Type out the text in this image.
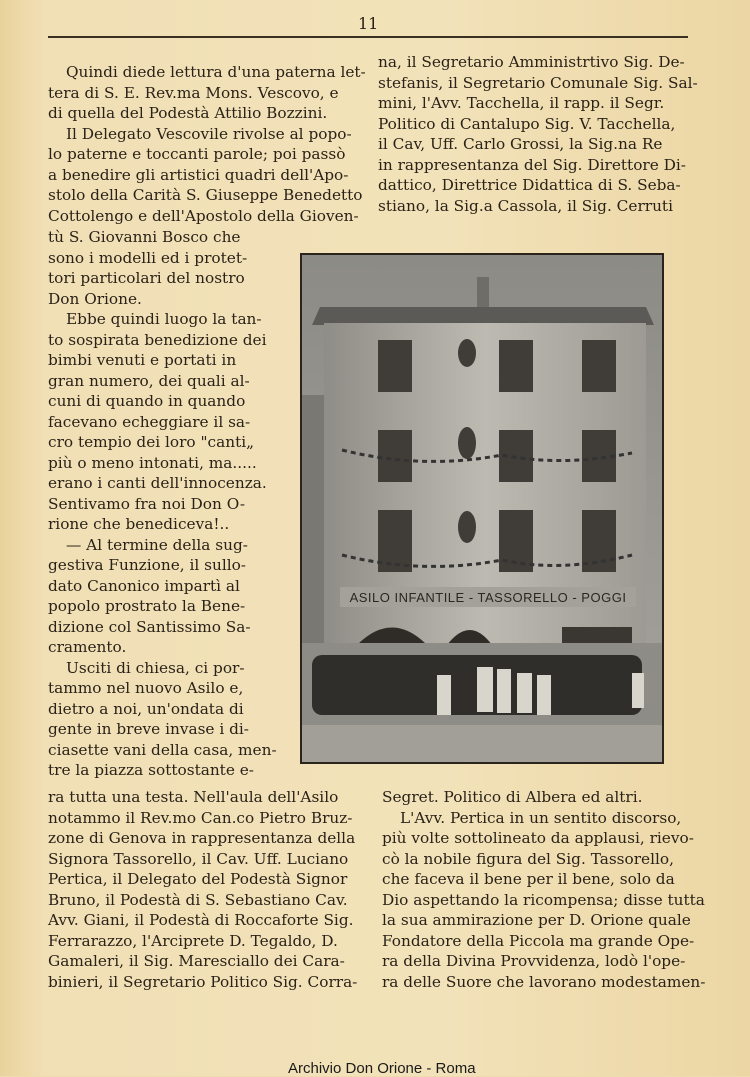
11
Quindi diede lettura d'una paterna let-
tera di S. E. Rev.ma Mons. Vescovo, e
di quella del Podestà Attilio Bozzini.
Il Delegato Vescovile rivolse al popo-
lo paterne e toccanti parole; poi passò
a benedire gli artistici quadri dell'Apo-
stolo della Carità S. Giuseppe Benedetto
Cottolengo e dell'Apostolo della Gioven-
na, il Segretario Amministrtivo Sig. De-
stefanis, il Segretario Comunale Sig. Sal-
mini, l'Avv. Tacchella, il rapp. il Segr.
Politico di Cantalupo Sig. V. Tacchella,
il Cav, Uff. Carlo Grossi, la Sig.na Re
in rappresentanza del Sig. Direttore Di-
dattico, Direttrice Didattica di S. Seba-
stiano, la Sig.a Cassola, il Sig. Cerruti
tù S. Giovanni Bosco che
sono i modelli ed i protet-
tori particolari del nostro
Don Orione.
Ebbe quindi luogo la tan-
to sospirata benedizione dei
bimbi venuti e portati in
gran numero, dei quali al-
cuni di quando in quando
facevano echeggiare il sa-
cro tempio dei loro "canti„
più o meno intonati, ma.....
erano i canti dell'innocenza.
Sentivamo fra noi Don O-
rione che benediceva!..
— Al termine della sug-
gestiva Funzione, il sullo-
dato Canonico impartì al
popolo prostrato la Bene-
dizione col Santissimo Sa-
cramento.
Usciti di chiesa, ci por-
tammo nel nuovo Asilo e,
dietro a noi, un'ondata di
gente in breve invase i di-
ciasette vani della casa, men-
tre la piazza sottostante e-
ASILO INFANTILE - TASSORELLO - POGGI
ra tutta una testa. Nell'aula dell'Asilo
notammo il Rev.mo Can.co Pietro Bruz-
zone di Genova in rappresentanza della
Signora Tassorello, il Cav. Uff. Luciano
Pertica, il Delegato del Podestà Signor
Bruno, il Podestà di S. Sebastiano Cav.
Avv. Giani, il Podestà di Roccaforte Sig.
Ferrarazzo, l'Arciprete D. Tegaldo, D.
Gamaleri, il Sig. Maresciallo dei Cara-
binieri, il Segretario Politico Sig. Corra-
Segret. Politico di Albera ed altri.
L'Avv. Pertica in un sentito discorso,
più volte sottolineato da applausi, rievo-
cò la nobile figura del Sig. Tassorello,
che faceva il bene per il bene, solo da
Dio aspettando la ricompensa; disse tutta
la sua ammirazione per D. Orione quale
Fondatore della Piccola ma grande Ope-
ra della Divina Provvidenza, lodò l'ope-
ra delle Suore che lavorano modestamen-
Archivio Don Orione - Roma
